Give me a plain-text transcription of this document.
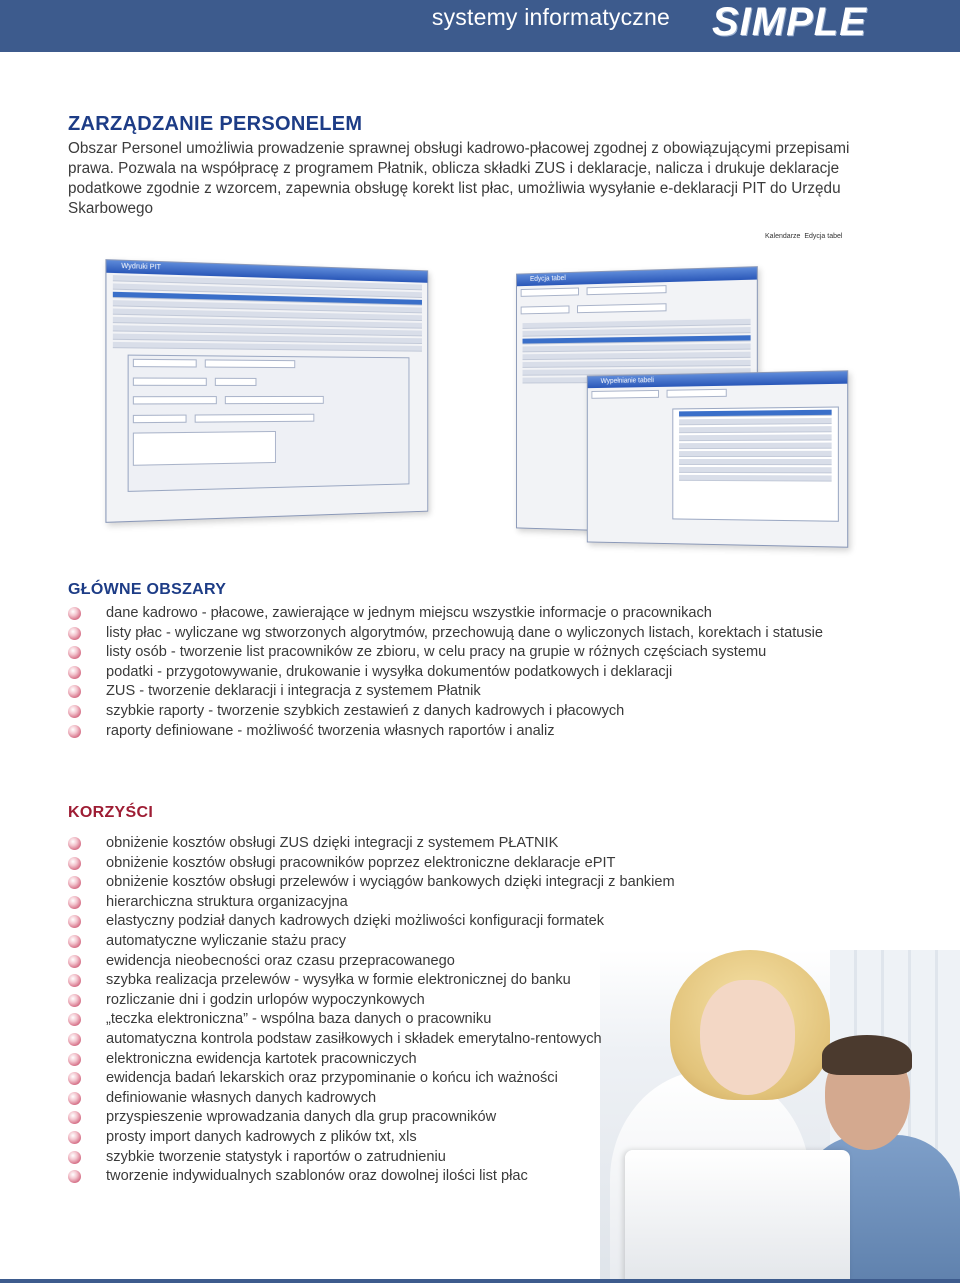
systemy informatyczne SIMPLE
ZARZĄDZANIE PERSONELEM
Obszar Personel umożliwia prowadzenie sprawnej obsługi kadrowo-płacowej zgodnej z obowiązującymi przepisami prawa. Pozwala na współpracę z programem Płatnik, oblicza składki ZUS i deklaracje, nalicza i drukuje deklaracje podatkowe zgodnie z wzorcem, zapewnia obsługę korekt list płac, umożliwia wysyłanie e-deklaracji PIT do Urzędu Skarbowego
Wydruki PIT

Edycja tabel

Wypełnianie tabeli
Kalendarze Edycja tabel
GŁÓWNE OBSZARY
dane kadrowo - płacowe, zawierające w jednym miejscu wszystkie informacje o pracownikach
listy płac - wyliczane wg stworzonych algorytmów, przechowują dane o wyliczonych listach, korektach i statusie
listy osób - tworzenie list pracowników ze zbioru, w celu pracy na grupie w różnych częściach systemu
podatki - przygotowywanie, drukowanie i wysyłka dokumentów podatkowych i deklaracji
ZUS - tworzenie deklaracji i integracja z systemem Płatnik
szybkie raporty - tworzenie szybkich zestawień z danych kadrowych i płacowych
raporty definiowane - możliwość tworzenia własnych raportów i analiz
KORZYŚCI
obniżenie kosztów obsługi ZUS dzięki integracji z systemem PŁATNIK
obniżenie kosztów obsługi pracowników poprzez elektroniczne deklaracje ePIT
obniżenie kosztów obsługi przelewów i wyciągów bankowych dzięki integracji z bankiem
hierarchiczna struktura organizacyjna
elastyczny podział danych kadrowych dzięki możliwości konfiguracji formatek
automatyczne wyliczanie stażu pracy
ewidencja nieobecności oraz czasu przepracowanego
szybka realizacja przelewów - wysyłka w formie elektronicznej do banku
rozliczanie dni i godzin urlopów wypoczynkowych
„teczka elektroniczna” - wspólna baza danych o pracowniku
automatyczna kontrola podstaw zasiłkowych i składek emerytalno-rentowych
elektroniczna ewidencja kartotek pracowniczych
ewidencja badań lekarskich oraz przypominanie o końcu ich ważności
definiowanie własnych danych kadrowych
przyspieszenie wprowadzania danych dla grup pracowników
prosty import danych kadrowych z plików txt, xls
szybkie tworzenie statystyk i raportów o zatrudnieniu
tworzenie indywidualnych szablonów oraz dowolnej ilości list płac
